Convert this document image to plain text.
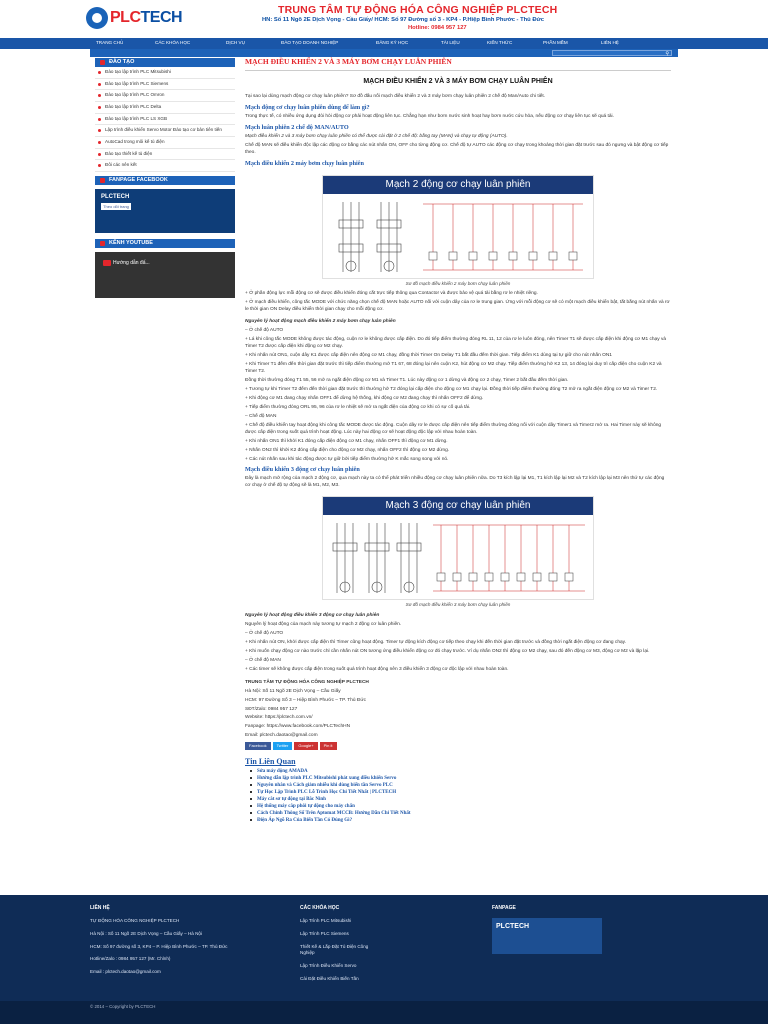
PLCTECH	TRUNG TÂM TỰ ĐỘNG HÓA CÔNG NGHIỆP PLCTECH
HN: Số 11 Ngõ 2E Dịch Vọng - Cầu Giấy/ HCM: Số 97 Đường số 3 - KP4 - P.Hiệp Bình Phước - Thủ Đức
Hotline: 0984 957 127
TRANG CHỦ	CÁC KHÓA HỌC	DỊCH VỤ	ĐÀO TẠO DOANH NGHIỆP	ĐĂNG KÝ HỌC	TÀI LIỆU	KIẾN THỨC	PHẦN MỀM	LIÊN HỆ
⚲
ĐÀO TẠO
Đào tạo lập trình PLC Mitsubishi
Đào tạo lập trình PLC Siemens
Đào tạo lập trình PLC Omron
Đào tạo lập trình PLC Delta
Đào tạo lập trình PLC LS XGB
Lập trình điều khiển Servo Motor Đào tạo cơ bản tiên tiến
AutoCad trong môi kế tủ điện
Đào tạo thiết kế tủ điện
Đôi các nên kết
FANPAGE FACEBOOK
PLCTECH
Theo dõi trang
KÊNH YOUTUBE
Hướng dẫn đấ...
MẠCH ĐIỀU KHIỂN 2 VÀ 3 MÁY BƠM CHẠY LUÂN PHIÊN
MẠCH ĐIỀU KHIỂN 2 VÀ 3 MÁY BƠM CHẠY LUÂN PHIÊN

Tại sao lại dùng mạch động cơ chạy luân phiên? Sơ đồ đấu nối mạch điều khiển 2 và 3 máy bơm chạy luân phiên 2 chế độ Man/Auto chi tiết.

Mạch động cơ chạy luân phiên dùng để làm gì?

Trong thực tế, có nhiều ứng dụng đòi hỏi động cơ phải hoạt động liên tục. Chẳng hạn như bơm nước sinh hoạt hay bơm nước cứu hỏa, nếu động cơ chạy liên tục sẽ quá tải.

Mạch luân phiên 2 chế độ MAN/AUTO

Mạch điều khiển 2 và 3 máy bơm chạy luân phiên có thể được cài đặt ở 2 chế độ: bằng tay (MAN) và chạy tự động (AUTO).

Chế độ MAN sẽ điều khiển độc lập các động cơ bằng các nút nhấn ON, OFF cho từng động cơ. Chế độ tự AUTO các động cơ chạy trong khoảng thời gian đặt trước sau đó ngưng và bật động cơ tiếp theo.

Mạch điều khiển 2 máy bơm chạy luân phiên
Mạch 2 động cơ chạy luân phiên
Sơ đồ mạch điều khiển 2 máy bơm chạy luân phiên

+ Ở phần động lực mỗi động cơ sẽ được điều khiển đóng cắt trực tiếp thông qua Contactor và được bảo vệ quá tải bằng rơ le nhiệt riêng.

+ Ở mạch điều khiển, công tắc MODE với chức năng chọn chế độ MAN hoặc AUTO nối với cuộn dây của rơ le trung gian. Ứng với mỗi động cơ sẽ có một mạch điều khiển bật, tắt bằng nút nhấn và rơ le thời gian ON Delay điều khiển thời gian chạy cho mỗi động cơ.

Nguyên lý hoạt động mạch điều khiển 2 máy bơm chạy luân phiên

– Ở chế độ AUTO

+ Lá khi công tắc MODE không được tác động, cuộn rơ le không được cấp điện. Do đó tiếp điểm thường đóng RL 11, 12 của rơ le luôn đóng, nên Timer T1 sẽ được cấp điện khi động cơ M1 chạy và Timer T2 được cấp điện khi động cơ M2 chạy.

+ Khi nhấn nút ON1, cuộn dây K1 được cấp điện nên động cơ M1 chạy, đồng thời Timer On Delay T1 bắt đầu đếm thời gian. Tiếp điểm K1 dùng tại tự giữ cho nút nhấn ON1

+ Khi Timer T1 đếm đến thời gian đặt trước thì tiếp điểm thường mở T1 67, 68 đóng lại nên cuộn K2, hút động cơ M2 chạy. Tiếp điểm thường hở K2 13, 14 đóng lại duy trì cấp điện cho cuộn K2 và Timer T2.

Đồng thời thường đóng T1 55, 56 mở ra ngắt điện động cơ M1 và Timer T1. Lúc này động cơ 1 dừng và động cơ 2 chạy, Timer 2 bắt đầu đếm thời gian.

+ Tương tự khi Timer T2 đếm đến thời gian đặt trước thì thường hở T2 đóng lại cấp điện cho động cơ M1 chạy lại. Đồng thời tiếp điểm thường đóng T2 mở ra ngắt điện động cơ M2 và Timer T2.

+ Khi động cơ M1 đang chạy nhấn OFF1 để dừng hệ thống, khi động cơ M2 đang chạy thì nhấn OFF2 để dừng.

+ Tiếp điểm thường đóng ORL 95, 96 của rơ le nhiệt sẽ mở ra ngắt điện của động cơ khi có sự cố quá tải.

– Chế độ MAN

+ Chế độ điều khiển tay hoạt động khi công tắc MODE được tác động. Cuộn dây rơ le được cấp điện nên tiếp điểm thường đóng nối với cuộn dây Timer1 và Timer2 mở ra. Hai Timer này sẽ không được cấp điện trong suốt quá trình hoạt động. Lúc này hai động cơ sẽ hoạt động độc lập với nhau hoàn toàn.

+ Khi nhấn ON1 thì khởi K1 đóng cấp điện động cơ M1 chạy, nhấn OFF1 thì động cơ M1 dừng.

+ Nhấn ON2 thì khởi K2 đóng cấp điện cho động cơ M2 chạy, nhấn OFF2 thì động cơ M2 dừng.

+ Các nút nhấn sau khi tác động được tự giữ bởi tiếp điểm thường hở K mắc song song với nó.

Mạch điều khiển 3 động cơ chạy luân phiên

Đây là mạch mở rộng của mạch 2 động cơ, qua mạch này ta có thể phát triển nhiều động cơ chạy luân phiên nữa. Do T3 kích lập lại M1, T1 kích lập lại M2 và T2 kích lập lại M3 nên thứ tự các động cơ chạy ở chế độ tự động sẽ là M1, M2, M3.

Mạch 3 động cơ chạy luân phiên
Sơ đồ mạch điều khiển 3 máy bơm chạy luân phiên

Nguyên lý hoạt động điều khiển 3 động cơ chạy luân phiên

Nguyên lý hoạt động của mạch này tương tự mạch 2 động cơ luân phiên.

– Ở chế độ AUTO

+ Khi nhấn nút ON, khởi được cấp điện thì Timer cũng hoạt động. Timer tự động kích động cơ tiếp theo chạy khi đến thời gian đặt trước và đồng thời ngắt điện động cơ đang chạy.

+ Khi muốn chạy động cơ nào trước chỉ cần nhấn nút ON tương ứng điều khiển động cơ đó chạy trước. Ví dụ nhấn ON2 thì động cơ M2 chạy, sau đó đến động cơ M3, động cơ M2 và lặp lại.

– Ở chế độ MAN

+ Các timer sẽ không được cấp điện trong suốt quá trình hoạt động nên 3 điều khiển 3 động cơ độc lập với nhau hoàn toàn.

TRUNG TÂM TỰ ĐỘNG HÓA CÔNG NGHIỆP PLCTECH

Hà Nội: Số 11 Ngõ 2E Dịch Vọng – Cầu Giấy

HCM: 97 Đường Số 3 – Hiệp Bình Phước – TP. Thủ Đức

SĐT/Zalo: 0984 957 127

Website: https://plctech.com.vn/

Fanpage: https://www.facebook.com/PLCTechHN

Email: plctech.daotao@gmail.com

Facebook	Twitter	Google+	Pin it
Tin Liên Quan
Sửa máy động AMADA
Hướng dẫn lập trình PLC Mitsubishi phát xung điều khiển Servo
Nguyên nhân và Cách giảm nhiễu khi dùng biến tần Servo PLC
Tự Học Lập Trình PLC Lỗ Trình Học Chi Tiết Nhất | PLCTECH
Máy cắt sơ tự động tại Bắc Ninh
Hệ thống máy cắp phôi tự động cho máy chấn
Cách Chỉnh Thông Số Trên Aptomat MCCB: Hướng Dẫn Chi Tiết Nhất
Điện Áp Ngõ Ra Của Biến Tần Có Đúng Gì?
LIÊN HỆ
TỰ ĐỘNG HÓA CÔNG NGHIỆP PLCTECH
Hà Nội : Số 11 Ngõ 2E Dịch Vọng – Cầu Giấy – Hà Nội
HCM: Số 97 đường số 3, KP4 – P. Hiệp Bình Phước – TP. Thủ Đức
Hotline/Zalo : 0984 957 127 (Mr. Chỉnh)
Email : plctech.daotao@gmail.com
CÁC KHÓA HỌC
Lập Trình PLC Mitsubishi
Lập Trình PLC Siemens
Thiết Kế & Lắp Đặt Tủ Điện Công Nghiệp
Lập Trình Điều Khiển Servo
Cài Đặt Điều Khiển Biến Tần
FANPAGE
PLCTECH
© 2014 – Copyright by PLCTECH
